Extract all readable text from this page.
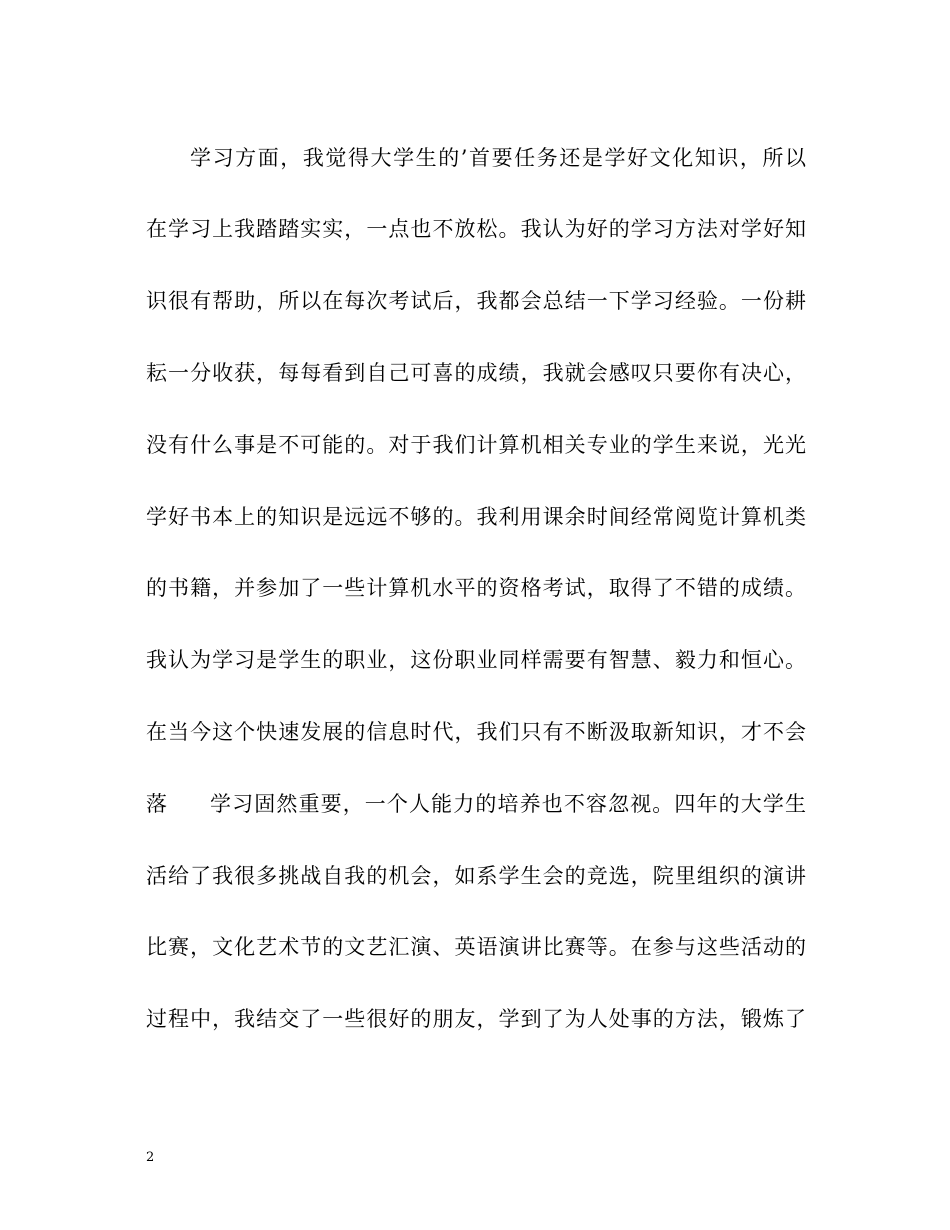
学习方面，我觉得大学生的’首要任务还是学好文化知识，所以
在学习上我踏踏实实，一点也不放松。我认为好的学习方法对学好知
识很有帮助，所以在每次考试后，我都会总结一下学习经验。一份耕
耘一分收获，每每看到自己可喜的成绩，我就会感叹只要你有决心，
没有什么事是不可能的。对于我们计算机相关专业的学生来说，光光
学好书本上的知识是远远不够的。我利用课余时间经常阅览计算机类
的书籍，并参加了一些计算机水平的资格考试，取得了不错的成绩。
我认为学习是学生的职业，这份职业同样需要有智慧、毅力和恒心。
在当今这个快速发展的信息时代，我们只有不断汲取新知识，才不会
落 学习固然重要，一个人能力的培养也不容忽视。四年的大学生
活给了我很多挑战自我的机会，如系学生会的竞选，院里组织的演讲
比赛，文化艺术节的文艺汇演、英语演讲比赛等。在参与这些活动的
过程中，我结交了一些很好的朋友，学到了为人处事的方法，锻炼了
2
